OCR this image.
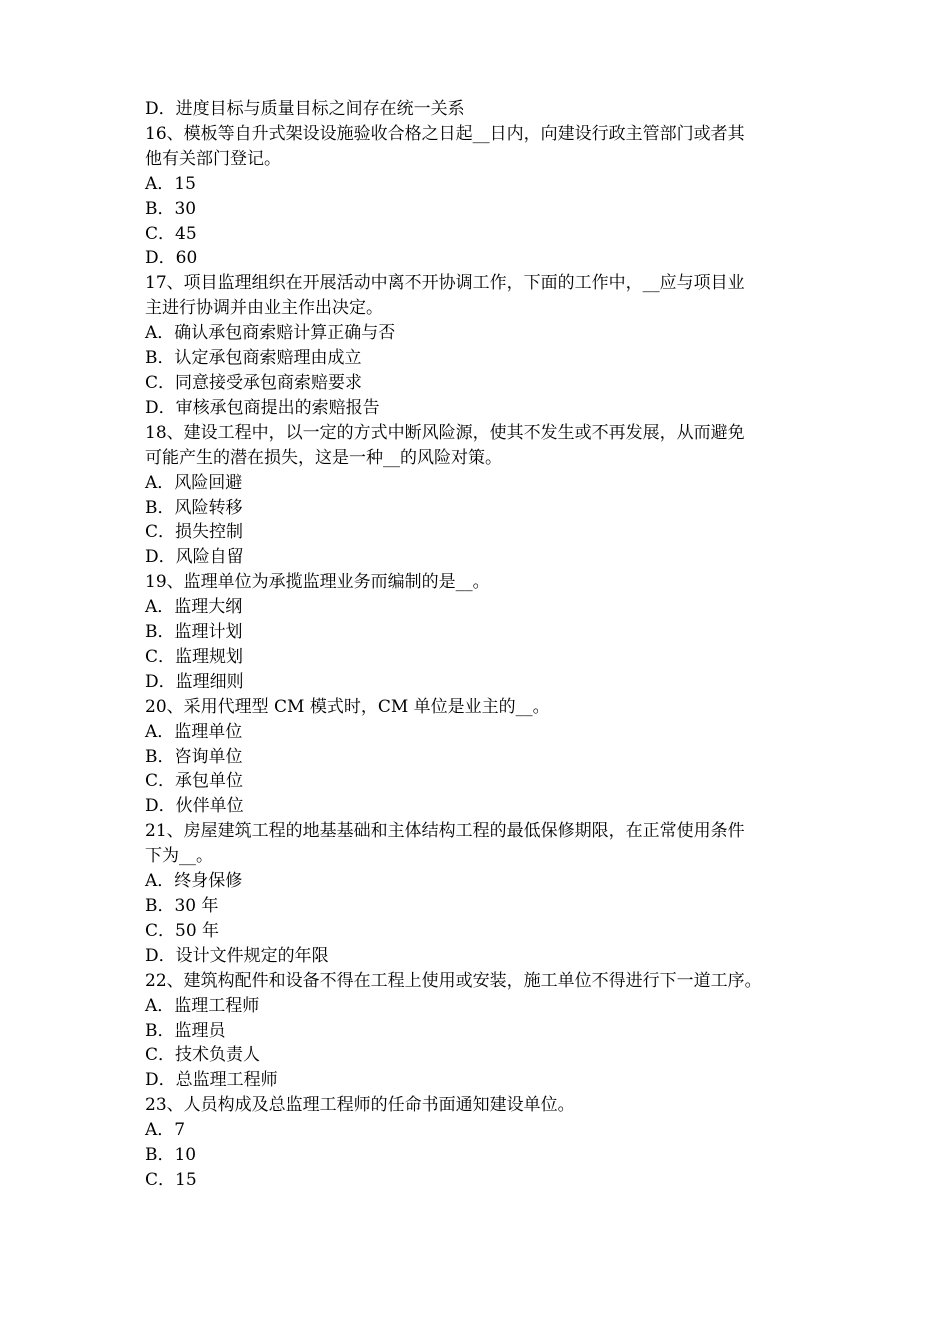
D．进度目标与质量目标之间存在统一关系
16、模板等自升式架设设施验收合格之日起__日内，向建设行政主管部门或者其
他有关部门登记。
A．15
B．30
C．45
D．60
17、项目监理组织在开展活动中离不开协调工作，下面的工作中，__应与项目业
主进行协调并由业主作出决定。
A．确认承包商索赔计算正确与否
B．认定承包商索赔理由成立
C．同意接受承包商索赔要求
D．审核承包商提出的索赔报告
18、建设工程中，以一定的方式中断风险源，使其不发生或不再发展，从而避免
可能产生的潜在损失，这是一种__的风险对策。
A．风险回避
B．风险转移
C．损失控制
D．风险自留
19、监理单位为承揽监理业务而编制的是__。
A．监理大纲
B．监理计划
C．监理规划
D．监理细则
20、采用代理型 CM 模式时，CM 单位是业主的__。
A．监理单位
B．咨询单位
C．承包单位
D．伙伴单位
21、房屋建筑工程的地基基础和主体结构工程的最低保修期限，在正常使用条件
下为__。
A．终身保修
B．30 年
C．50 年
D．设计文件规定的年限
22、建筑构配件和设备不得在工程上使用或安装，施工单位不得进行下一道工序。
A．监理工程师
B．监理员
C．技术负责人
D．总监理工程师
23、人员构成及总监理工程师的任命书面通知建设单位。
A．7
B．10
C．15
